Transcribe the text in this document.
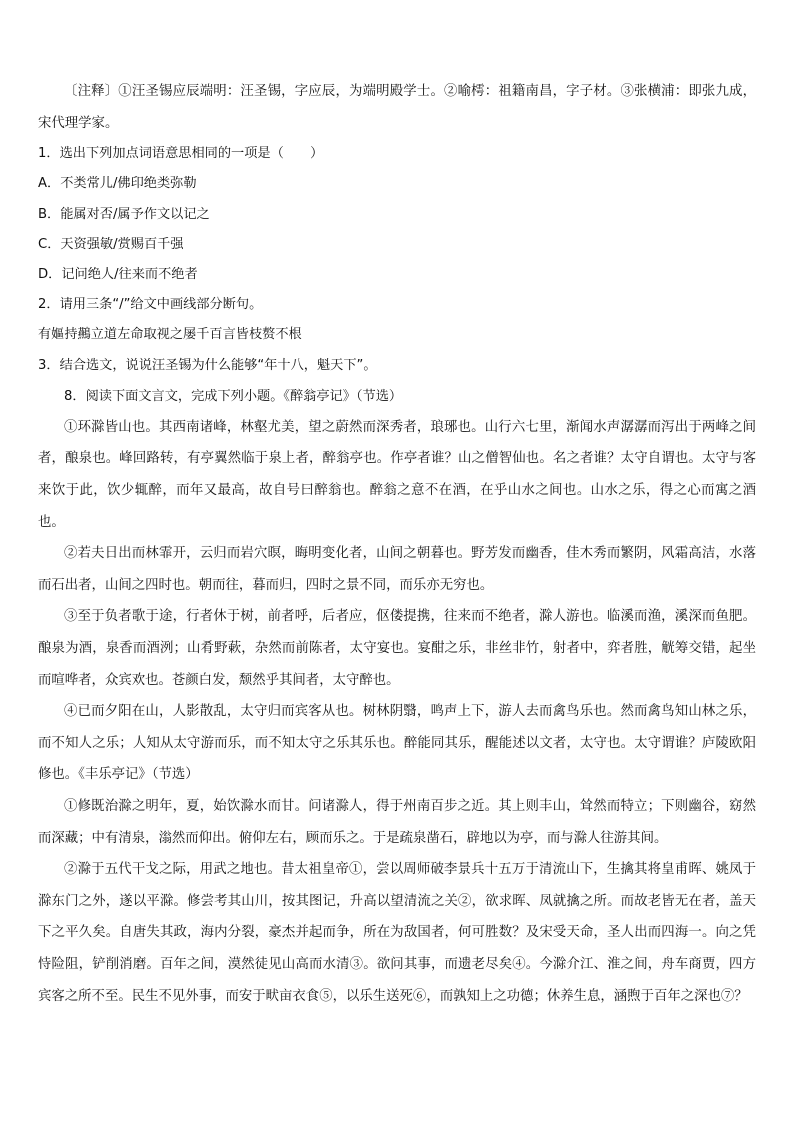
〔注释〕①汪圣锡应辰端明：汪圣锡，字应辰，为端明殿学士。②喻樗：祖籍南昌，字子材。③张横浦：即张九成，宋代理学家。

1．选出下列加点词语意思相同的一项是（　　）

A．不类常儿/佛印绝类弥勒

B．能属对否/属予作文以记之

C．天资强敏/赏赐百千强

D．记问绝人/往来而不绝者

2．请用三条“/”给文中画线部分断句。

有嫗持䴏立道左命取视之屡千百言皆枝赘不根

3．结合选文，说说汪圣锡为什么能够“年十八，魁天下”。

8．阅读下面文言文，完成下列小题。《醉翁亭记》（节选）

①环滁皆山也。其西南诸峰，林壑尤美，望之蔚然而深秀者，琅琊也。山行六七里，渐闻水声潺潺而泻出于两峰之间者，酿泉也。峰回路转，有亭翼然临于泉上者，醉翁亭也。作亭者谁？山之僧智仙也。名之者谁？太守自谓也。太守与客来饮于此，饮少辄醉，而年又最高，故自号曰醉翁也。醉翁之意不在酒，在乎山水之间也。山水之乐，得之心而寓之酒也。

②若夫日出而林霏开，云归而岩穴暝，晦明变化者，山间之朝暮也。野芳发而幽香，佳木秀而繁阴，风霜高洁，水落而石出者，山间之四时也。朝而往，暮而归，四时之景不同，而乐亦无穷也。

③至于负者歌于途，行者休于树，前者呼，后者应，伛偻提携，往来而不绝者，滁人游也。临溪而渔，溪深而鱼肥。酿泉为酒，泉香而酒洌；山肴野蔌，杂然而前陈者，太守宴也。宴酣之乐，非丝非竹，射者中，弈者胜，觥筹交错，起坐而喧哗者，众宾欢也。苍颜白发，颓然乎其间者，太守醉也。

④已而夕阳在山，人影散乱，太守归而宾客从也。树林阴翳，鸣声上下，游人去而禽鸟乐也。然而禽鸟知山林之乐，而不知人之乐；人知从太守游而乐，而不知太守之乐其乐也。醉能同其乐，醒能述以文者，太守也。太守谓谁？庐陵欧阳修也。《丰乐亭记》（节选）

①修既治滁之明年，夏，始饮滁水而甘。问诸滁人，得于州南百步之近。其上则丰山，耸然而特立；下则幽谷，窈然而深藏；中有清泉，滃然而仰出。俯仰左右，顾而乐之。于是疏泉凿石，辟地以为亭，而与滁人往游其间。

②滁于五代干戈之际，用武之地也。昔太祖皇帝①，尝以周师破李景兵十五万于清流山下，生擒其将皇甫晖、姚凤于滁东门之外，遂以平滁。修尝考其山川，按其图记，升高以望清流之关②，欲求晖、凤就擒之所。而故老皆无在者，盖天下之平久矣。自唐失其政，海内分裂，豪杰并起而争，所在为敌国者，何可胜数？及宋受天命，圣人出而四海一。向之凭恃险阻，铲削消磨。百年之间，漠然徒见山高而水清③。欲问其事，而遗老尽矣④。今滁介江、淮之间，舟车商贾，四方宾客之所不至。民生不见外事，而安于畎亩衣食⑤，以乐生送死⑥，而孰知上之功德；休养生息，涵煦于百年之深也⑦？
